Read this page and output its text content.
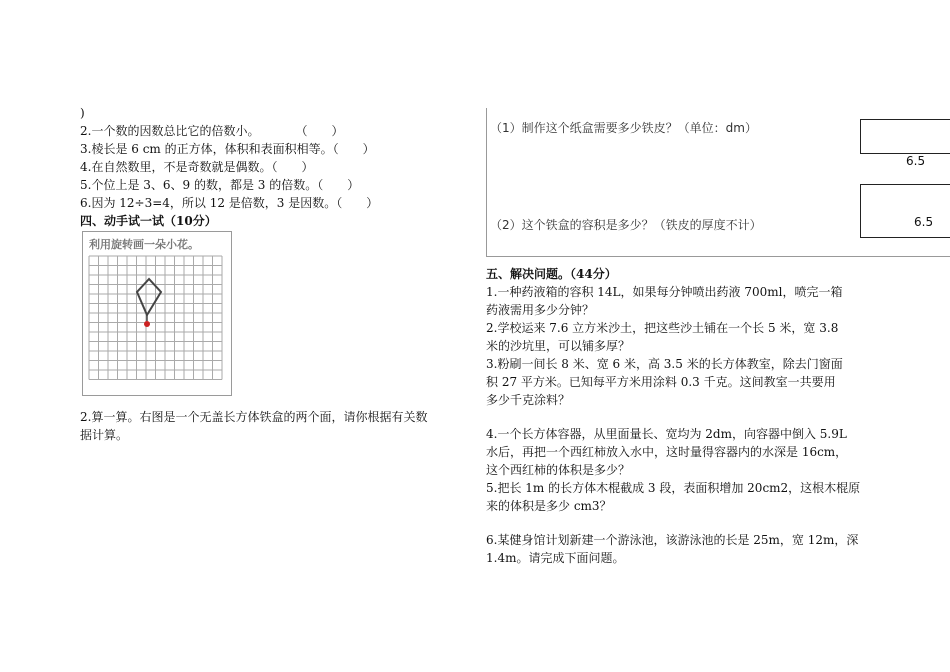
)
2.一个数的因数总比它的倍数小。　　　　（　　）
3.棱长是 6 cm 的正方体，体积和表面积相等。（　　）
4.在自然数里，不是奇数就是偶数。（　　）
5.个位上是 3、6、9 的数，都是 3 的倍数。（　　）
6.因为 12÷3=4，所以 12 是倍数，3 是因数。（　　）
四、动手试一试（10分）
利用旋转画一朵小花。
2.算一算。右图是一个无盖长方体铁盒的两个面，请你根据有关数
据计算。
（1）制作这个纸盒需要多少铁皮？（单位：dm）
（2）这个铁盒的容积是多少？（铁皮的厚度不计）
6.5
6.5
五、解决问题。（44分）
1.一种药液箱的容积 14L，如果每分钟喷出药液 700ml，喷完一箱
药液需用多少分钟？
2.学校运来 7.6 立方米沙土，把这些沙土铺在一个长 5 米，宽 3.8
米的沙坑里，可以铺多厚？
3.粉刷一间长 8 米、宽 6 米，高 3.5 米的长方体教室，除去门窗面
积 27 平方米。已知每平方米用涂料 0.3 千克。这间教室一共要用
多少千克涂料？
4.一个长方体容器，从里面量长、宽均为 2dm，向容器中倒入 5.9L
水后，再把一个西红柿放入水中，这时量得容器内的水深是 16cm，
这个西红柿的体积是多少？
5.把长 1m 的长方体木棍截成 3 段，表面积增加 20cm2，这根木棍原
来的体积是多少 cm3？
6.某健身馆计划新建一个游泳池，该游泳池的长是 25m，宽 12m，深
1.4m。请完成下面问题。
